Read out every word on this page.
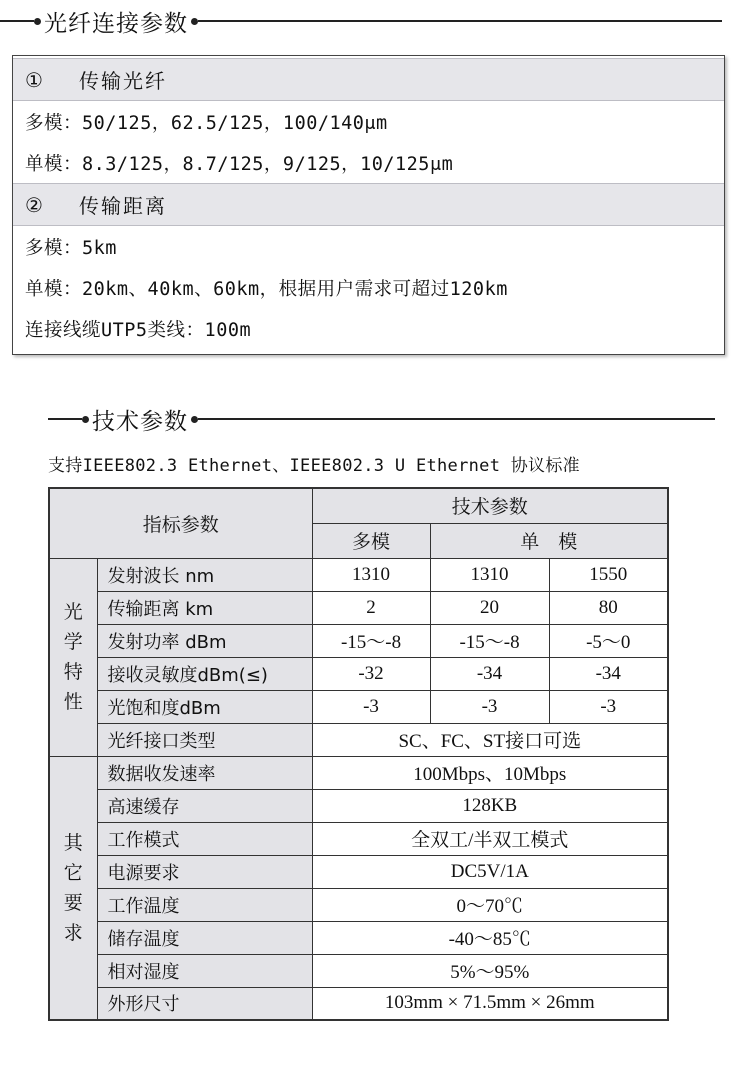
光纤连接参数
①	传输光纤
多模：50/125，62.5/125，100/140μm
单模：8.3/125，8.7/125，9/125，10/125μm
②	传输距离
多模：5km
单模：20km、40km、60km，根据用户需求可超过120km
连接线缆UTP5类线：100m
技术参数
支持IEEE802.3 Ethernet、IEEE802.3 U Ethernet 协议标准
指标参数		技术参数		
		多模	单　模	

光
学
特
性	发射波长 nm	1310	1310	1550
	传输距离 km	2	20	80
	发射功率 dBm	-15～-8	-15～-8	-5～0
	接收灵敏度dBm(≤)	-32	-34	-34
	光饱和度dBm	-3	-3	-3
	光纤接口类型	SC、FC、ST接口可选		

其
它
要
求	数据收发速率	100Mbps、10Mbps		
	高速缓存	128KB		
	工作模式	全双工/半双工模式		
	电源要求	DC5V/1A		
	工作温度	0～70℃		
	储存温度	-40～85℃		
	相对湿度	5%～95%		
	外形尺寸	103mm × 71.5mm × 26mm		
